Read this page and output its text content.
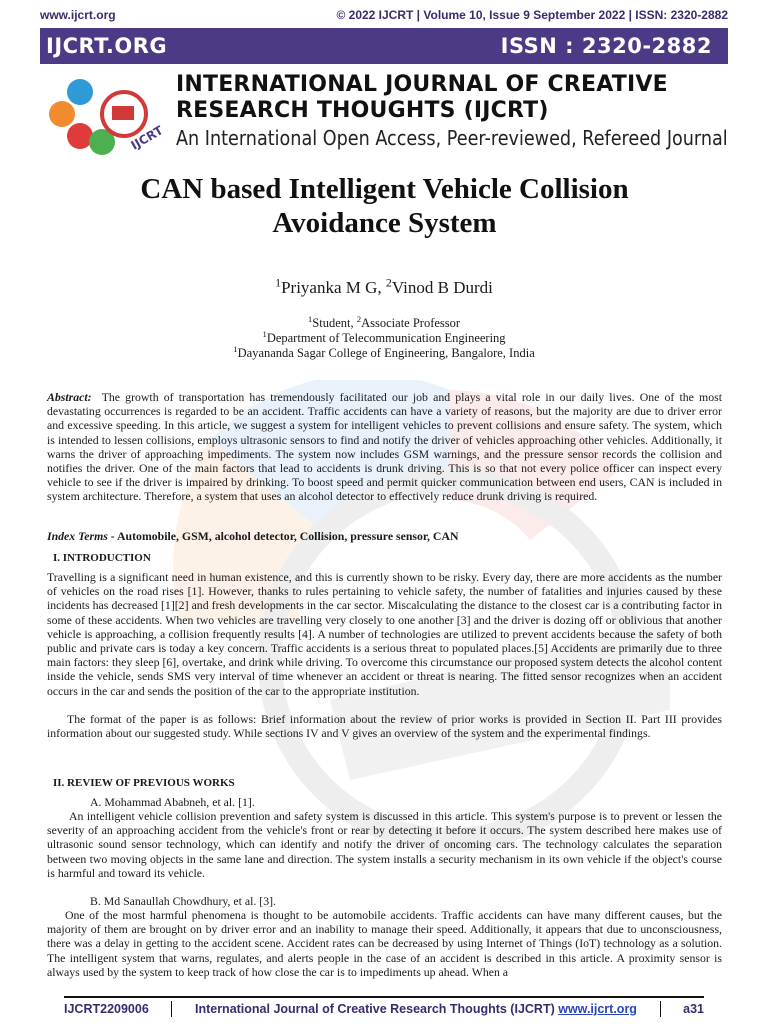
www.ijcrt.org	© 2022 IJCRT | Volume 10, Issue 9 September 2022 | ISSN: 2320-2882
IJCRT.ORG	ISSN : 2320-2882
IJCRT
INTERNATIONAL JOURNAL OF CREATIVE
RESEARCH THOUGHTS (IJCRT)
An International Open Access, Peer-reviewed, Refereed Journal
CAN based Intelligent Vehicle Collision
Avoidance System
$^1$Priyanka M G, $^2$Vinod B Durdi
$^1$Student, $^2$Associate Professor
$^1$Department of Telecommunication Engineering
$^1$Dayananda Sagar College of Engineering, Bangalore, India
Abstract: The growth of transportation has tremendously facilitated our job and plays a vital role in our daily lives. One of the most devastating occurrences is regarded to be an accident. Traffic accidents can have a variety of reasons, but the majority are due to driver error and excessive speeding. In this article, we suggest a system for intelligent vehicles to prevent collisions and ensure safety. The system, which is intended to lessen collisions, employs ultrasonic sensors to find and notify the driver of vehicles approaching other vehicles. Additionally, it warns the driver of approaching impediments. The system now includes GSM warnings, and the pressure sensor records the collision and notifies the driver. One of the main factors that lead to accidents is drunk driving. This is so that not every police officer can inspect every vehicle to see if the driver is impaired by drinking. To boost speed and permit quicker communication between end users, CAN is included in system architecture. Therefore, a system that uses an alcohol detector to effectively reduce drunk driving is required.
Index Terms - Automobile, GSM, alcohol detector, Collision, pressure sensor, CAN
I. INTRODUCTION
Travelling is a significant need in human existence, and this is currently shown to be risky. Every day, there are more accidents as the number of vehicles on the road rises [1]. However, thanks to rules pertaining to vehicle safety, the number of fatalities and injuries caused by these incidents has decreased [1][2] and fresh developments in the car sector. Miscalculating the distance to the closest car is a contributing factor in some of these accidents. When two vehicles are travelling very closely to one another [3] and the driver is dozing off or oblivious that another vehicle is approaching, a collision frequently results [4]. A number of technologies are utilized to prevent accidents because the safety of both public and private cars is today a key concern. Traffic accidents is a serious threat to populated places.[5] Accidents are primarily due to three main factors: they sleep [6], overtake, and drink while driving. To overcome this circumstance our proposed system detects the alcohol content inside the vehicle, sends SMS very interval of time whenever an accident or threat is nearing. The fitted sensor recognizes when an accident occurs in the car and sends the position of the car to the appropriate institution.
The format of the paper is as follows: Brief information about the review of prior works is provided in Section II. Part III provides information about our suggested study. While sections IV and V gives an overview of the system and the experimental findings.
II. REVIEW OF PREVIOUS WORKS
A. Mohammad Ababneh, et al. [1].
An intelligent vehicle collision prevention and safety system is discussed in this article. This system's purpose is to prevent or lessen the severity of an approaching accident from the vehicle's front or rear by detecting it before it occurs. The system described here makes use of ultrasonic sound sensor technology, which can identify and notify the driver of oncoming cars. The technology calculates the separation between two moving objects in the same lane and direction. The system installs a security mechanism in its own vehicle if the object's course is harmful and toward its vehicle.
B. Md Sanaullah Chowdhury, et al. [3].
One of the most harmful phenomena is thought to be automobile accidents. Traffic accidents can have many different causes, but the majority of them are brought on by driver error and an inability to manage their speed. Additionally, it appears that due to unconsciousness, there was a delay in getting to the accident scene. Accident rates can be decreased by using Internet of Things (IoT) technology as a solution. The intelligent system that warns, regulates, and alerts people in the case of an accident is described in this article. A proximity sensor is always used by the system to keep track of how close the car is to impediments up ahead. When a
IJCRT2209006	International Journal of Creative Research Thoughts (IJCRT) www.ijcrt.org	a31
